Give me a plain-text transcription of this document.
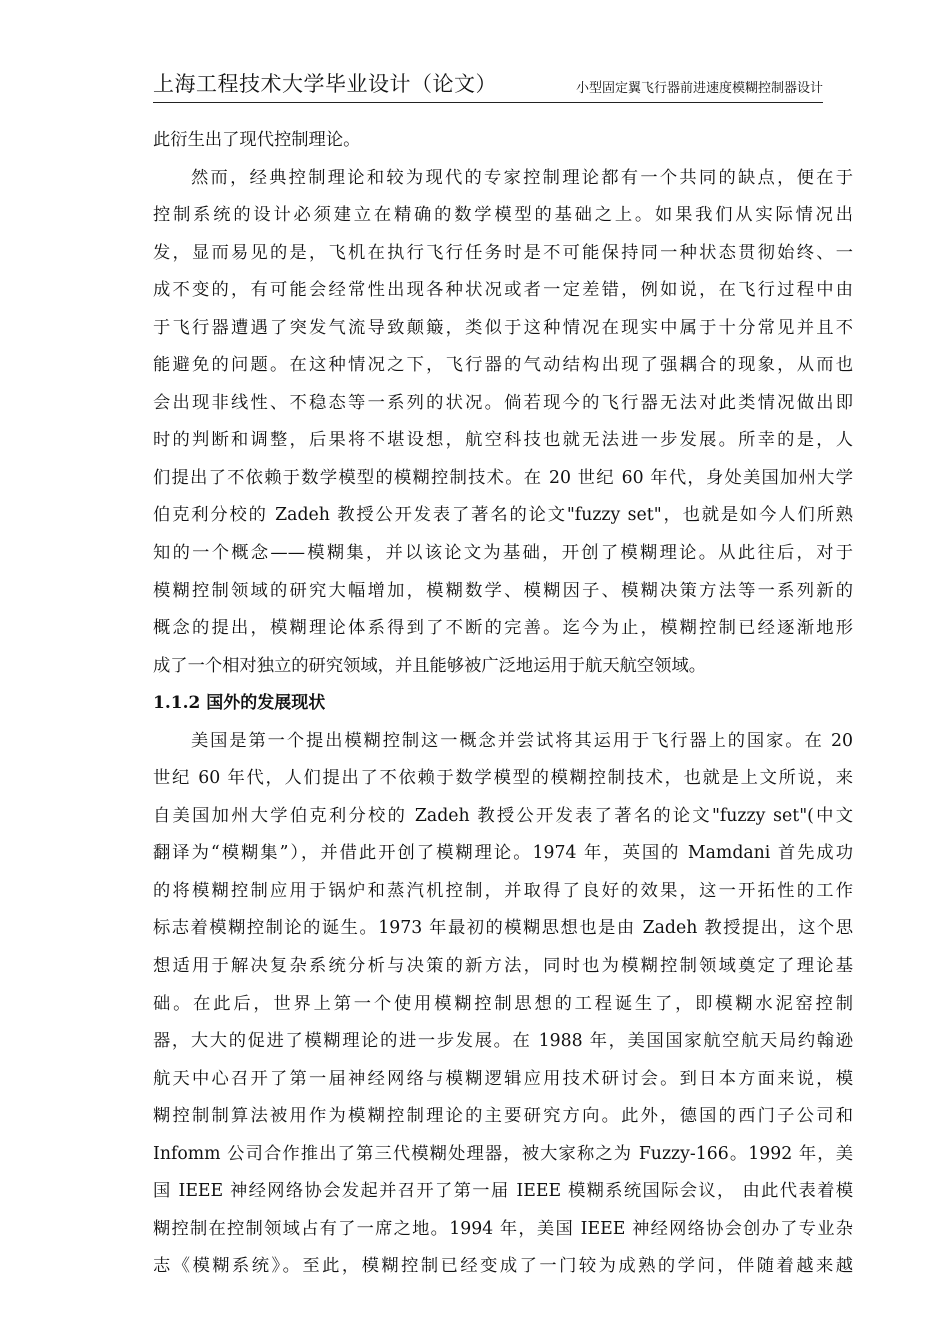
上海工程技术大学毕业设计（论文）	小型固定翼飞行器前进速度模糊控制器设计
此衍生出了现代控制理论。
然而，经典控制理论和较为现代的专家控制理论都有一个共同的缺点，便在于
控制系统的设计必须建立在精确的数学模型的基础之上。如果我们从实际情况出
发，显而易见的是，飞机在执行飞行任务时是不可能保持同一种状态贯彻始终、一
成不变的，有可能会经常性出现各种状况或者一定差错，例如说，在飞行过程中由
于飞行器遭遇了突发气流导致颠簸，类似于这种情况在现实中属于十分常见并且不
能避免的问题。在这种情况之下，飞行器的气动结构出现了强耦合的现象，从而也
会出现非线性、不稳态等一系列的状况。倘若现今的飞行器无法对此类情况做出即
时的判断和调整，后果将不堪设想，航空科技也就无法进一步发展。所幸的是，人
们提出了不依赖于数学模型的模糊控制技术。在 20 世纪 60 年代，身处美国加州大学
伯克利分校的 Zadeh 教授公开发表了著名的论文"fuzzy set"，也就是如今人们所熟
知的一个概念——模糊集，并以该论文为基础，开创了模糊理论。从此往后，对于
模糊控制领域的研究大幅增加，模糊数学、模糊因子、模糊决策方法等一系列新的
概念的提出，模糊理论体系得到了不断的完善。迄今为止，模糊控制已经逐渐地形
成了一个相对独立的研究领域，并且能够被广泛地运用于航天航空领域。
1.1.2 国外的发展现状
美国是第一个提出模糊控制这一概念并尝试将其运用于飞行器上的国家。在 20
世纪 60 年代，人们提出了不依赖于数学模型的模糊控制技术，也就是上文所说，来
自美国加州大学伯克利分校的 Zadeh 教授公开发表了著名的论文"fuzzy set"(中文
翻译为“模糊集”），并借此开创了模糊理论。1974 年，英国的 Mamdani 首先成功
的将模糊控制应用于锅炉和蒸汽机控制，并取得了良好的效果，这一开拓性的工作
标志着模糊控制论的诞生。1973 年最初的模糊思想也是由 Zadeh 教授提出，这个思
想适用于解决复杂系统分析与决策的新方法，同时也为模糊控制领域奠定了理论基
础。在此后，世界上第一个使用模糊控制思想的工程诞生了，即模糊水泥窑控制
器，大大的促进了模糊理论的进一步发展。在 1988 年，美国国家航空航天局约翰逊
航天中心召开了第一届神经网络与模糊逻辑应用技术研讨会。到日本方面来说，模
糊控制制算法被用作为模糊控制理论的主要研究方向。此外，德国的西门子公司和
Infomm 公司合作推出了第三代模糊处理器，被大家称之为 Fuzzy-166。1992 年，美
国 IEEE 神经网络协会发起并召开了第一届 IEEE 模糊系统国际会议， 由此代表着模
糊控制在控制领域占有了一席之地。1994 年，美国 IEEE 神经网络协会创办了专业杂
志《模糊系统》。至此，模糊控制已经变成了一门较为成熟的学问，伴随着越来越
